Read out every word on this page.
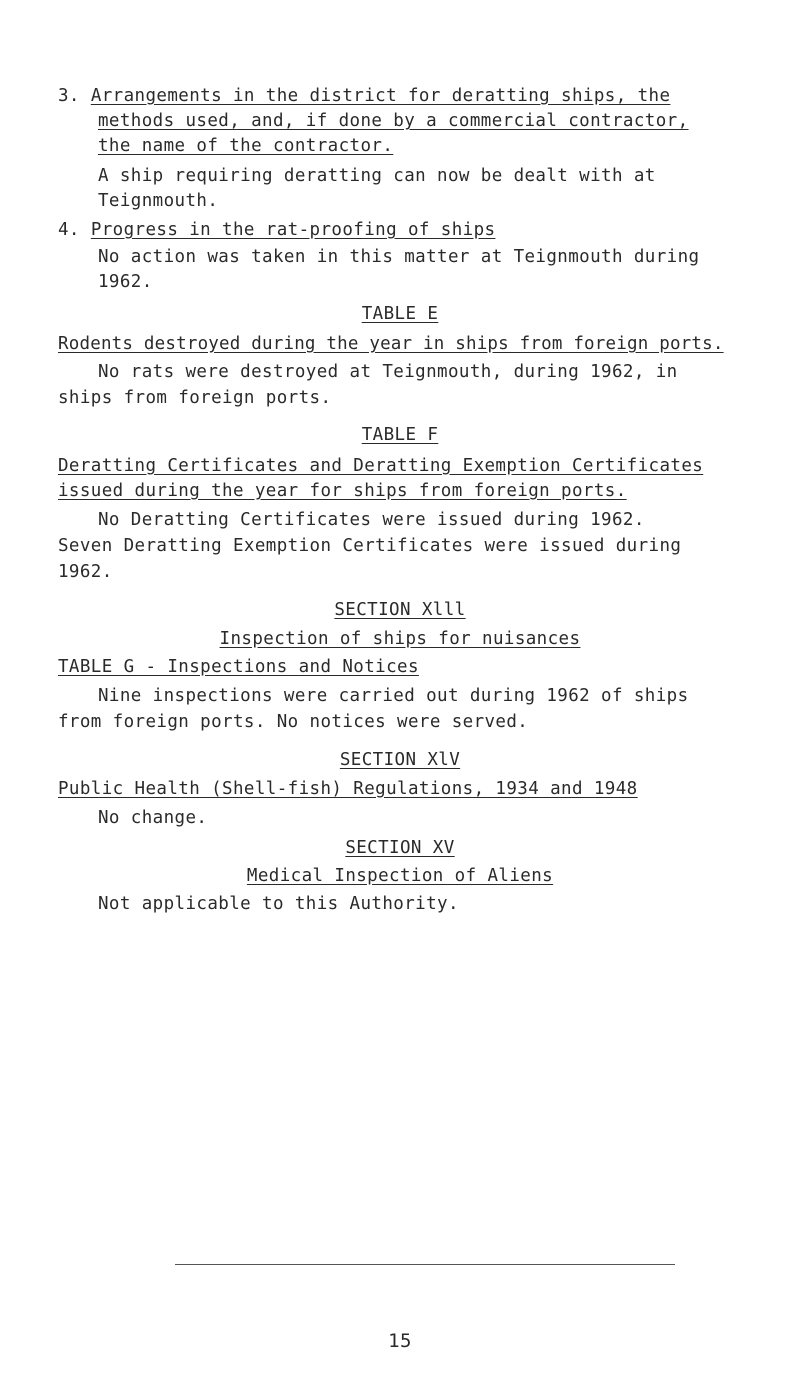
3. Arrangements in the district for deratting ships, the
methods used, and, if done by a commercial contractor,
the name of the contractor.
A ship requiring deratting can now be dealt with at
Teignmouth.
4. Progress in the rat-proofing of ships
No action was taken in this matter at Teignmouth during
1962.
TABLE E
Rodents destroyed during the year in ships from foreign ports.
No rats were destroyed at Teignmouth, during 1962, in
ships from foreign ports.
TABLE F
Deratting Certificates and Deratting Exemption Certificates
issued during the year for ships from foreign ports.
No Deratting Certificates were issued during 1962.
Seven Deratting Exemption Certificates were issued during
1962.
SECTION Xlll
Inspection of ships for nuisances
TABLE G - Inspections and Notices
Nine inspections were carried out during 1962 of ships
from foreign ports. No notices were served.
SECTION XlV
Public Health (Shell-fish) Regulations, 1934 and 1948
No change.
SECTION XV
Medical Inspection of Aliens
Not applicable to this Authority.
15
